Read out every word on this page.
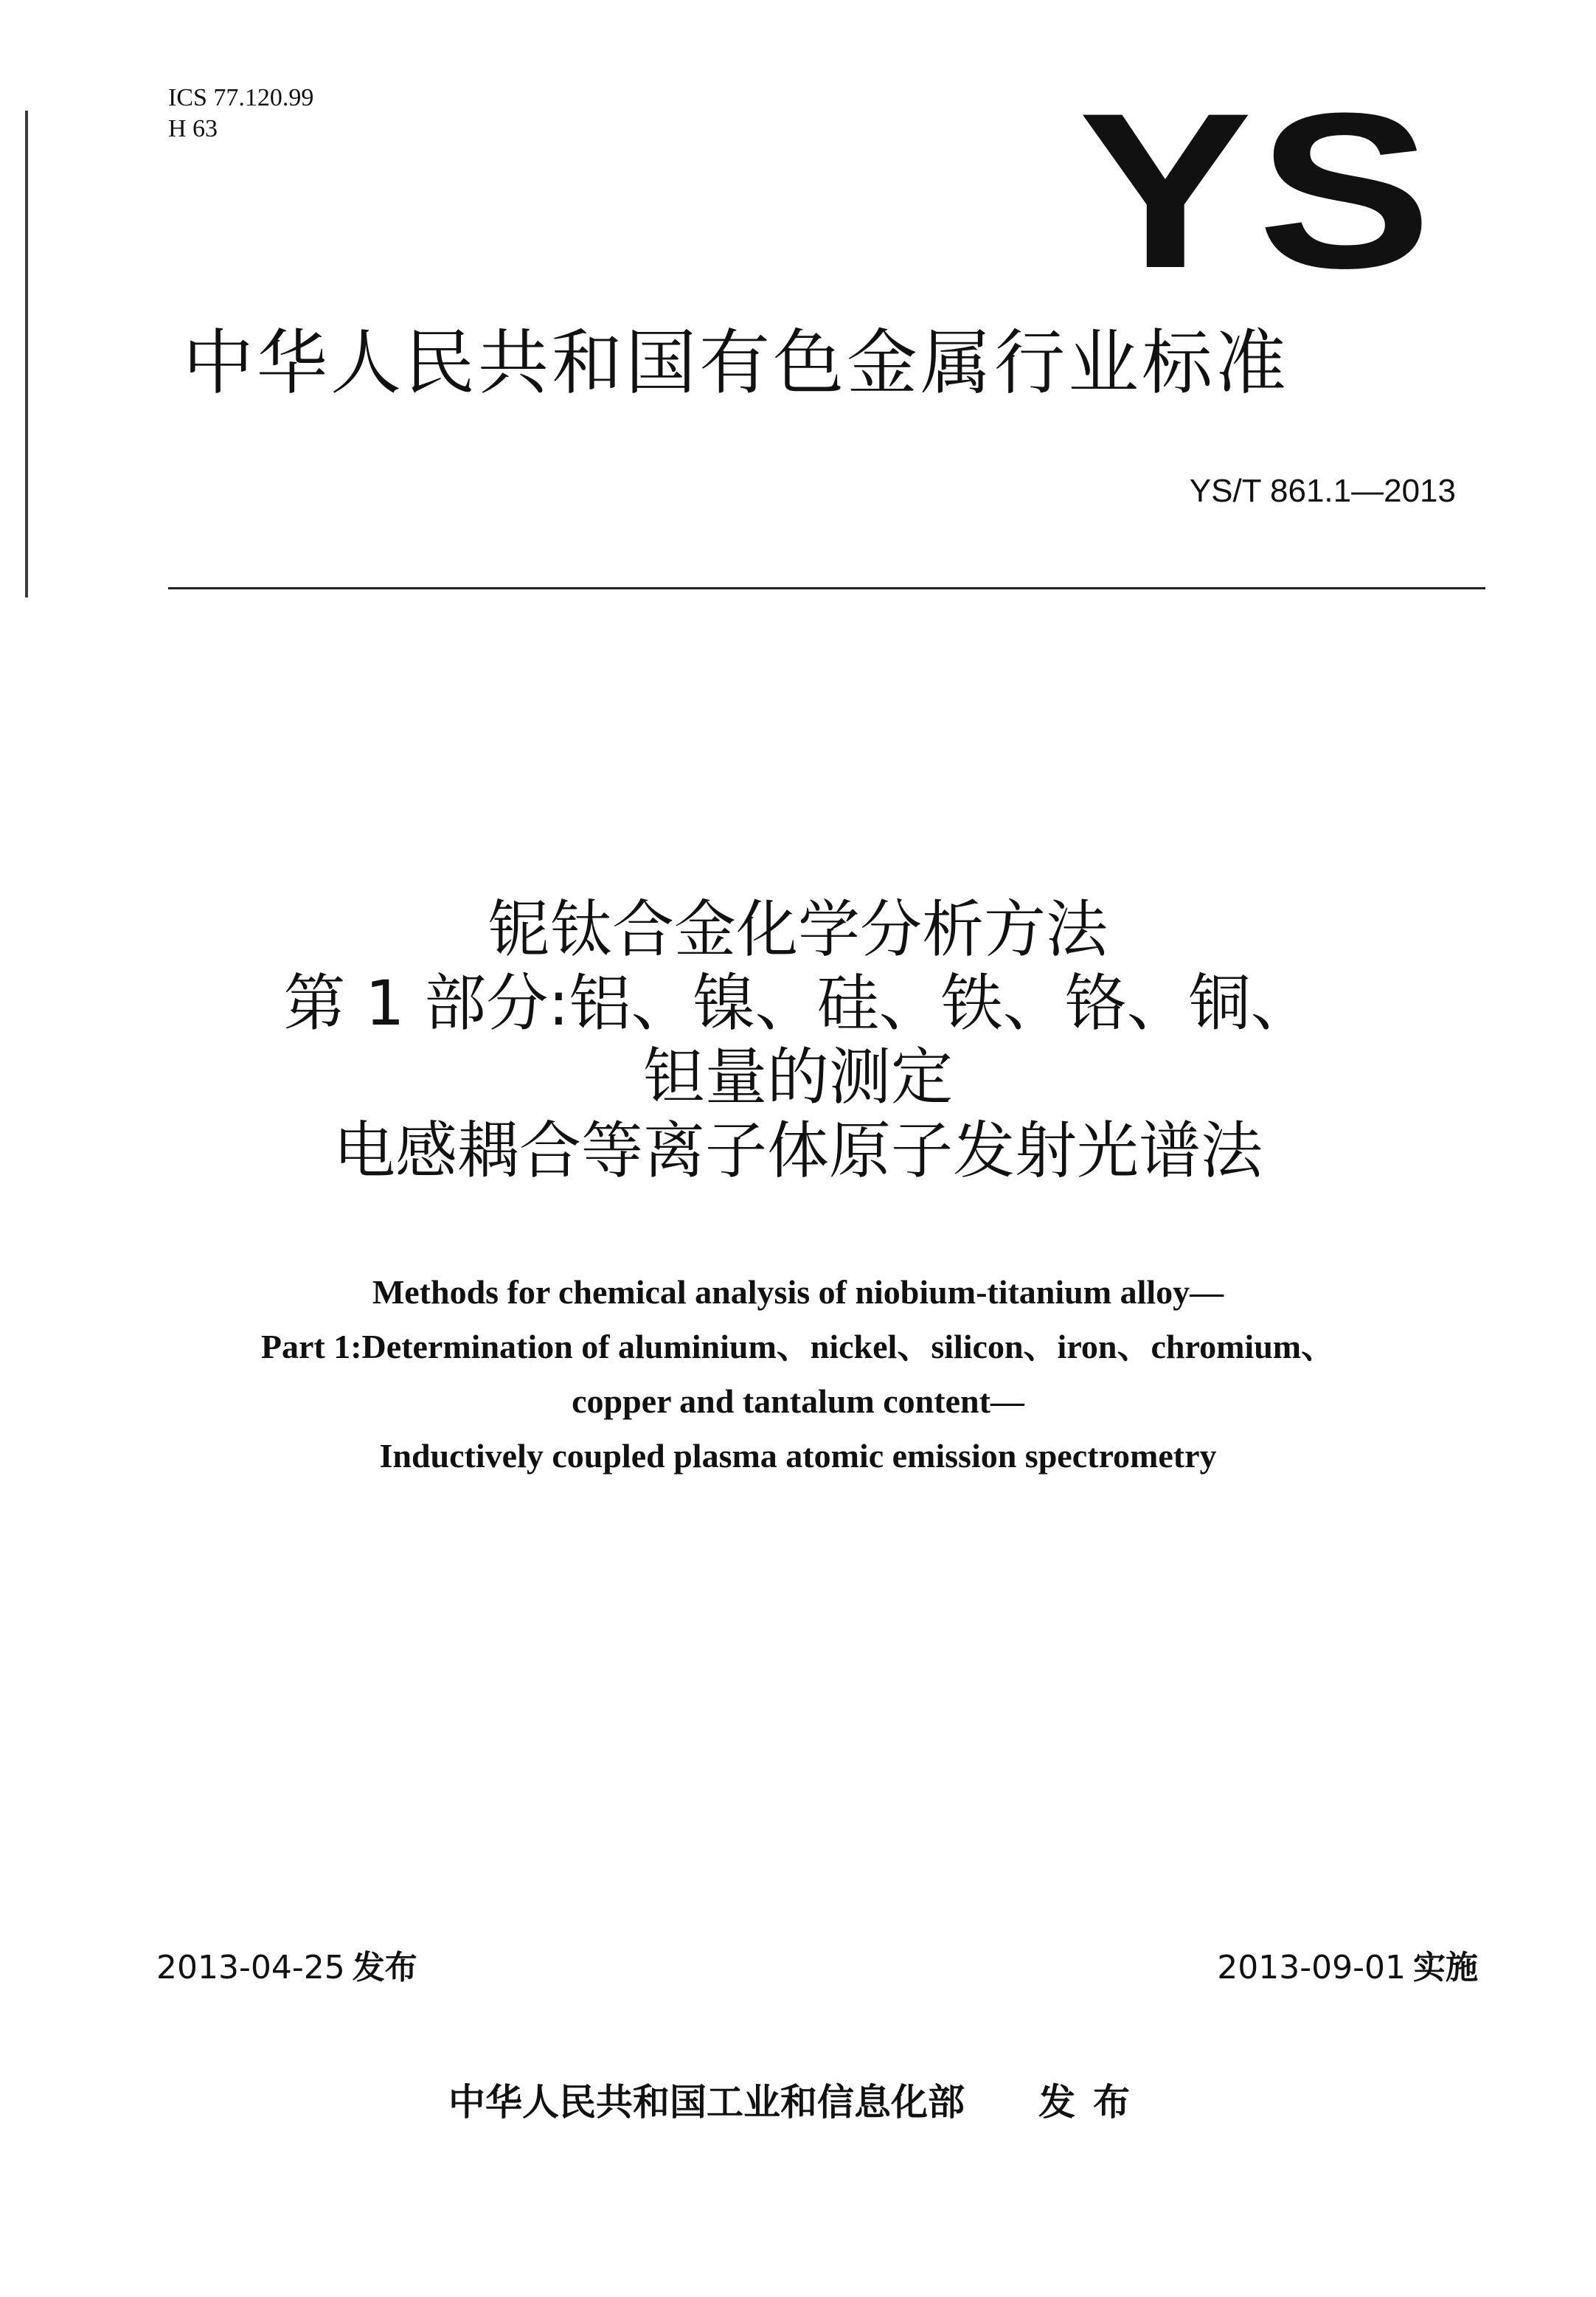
ICS 77.120.99
H 63	YS
中华人民共和国有色金属行业标准
YS/T 861.1—2013
铌钛合金化学分析方法
第 1 部分:铝、镍、硅、铁、铬、铜、
钽量的测定
电感耦合等离子体原子发射光谱法
Methods for chemical analysis of niobium-titanium alloy—
Part 1:Determination of aluminium、nickel、silicon、iron、chromium、
copper and tantalum content—
Inductively coupled plasma atomic emission spectrometry
2013-04-25 发布	2013-09-01 实施
中华人民共和国工业和信息化部 发布
